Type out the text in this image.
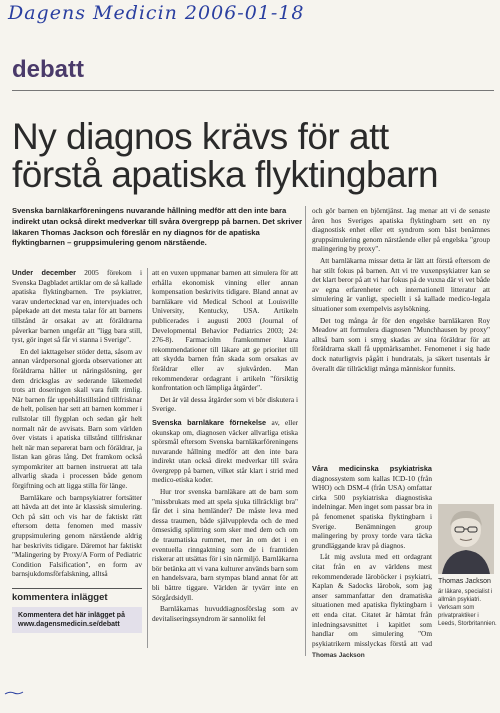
Dagens Medicin 2006-01-18
debatt
Ny diagnos krävs för att förstå apatiska flyktingbarn
Svenska barnläkarföreningens nuvarande hållning medför att den inte bara indirekt utan också direkt medverkar till svåra övergrepp på barnen. Det skriver läkaren Thomas Jackson och föreslår en ny diagnos för de apatiska flyktingbarnen – gruppsimulering genom närstående.

Under december 2005 förekom i Svenska Dagbladet artiklar om de så kallade apatiska flyktingbarnen. Tre psykiatrer, varav undertecknad var en, intervjuades och påpekade att det mesta talar för att barnens tillstånd är orsakat av att föräldrarna påverkar barnen ungefär att "ligg bara still, tyst, gör inget så får vi stanna i Sverige".

En del iakttagelser stöder detta, såsom av annan vårdpersonal gjorda observationer att föräldrarna håller ut näringslösning, ger dem dricksglas av sederande läkemedel trots att doseringen skall vara fullt rimlig. När barnen får uppehållstillstånd tillfrisknar de helt, polisen har sett att barnen kommer i rullstolar till flygplan och sedan går helt normalt när de avvisats. Barn som världen över vistats i apatiska tillstånd tillfrisknar helt när man separerat barn och föräldrar, ja listan kan göras lång. Det framkom också sympomkriter att barnen instruerat att tala allvarlig skada i processen både genom förgiftning och att ligga stilla för länge.

Barnläkare och barnpsykiatrer fortsätter att hävda att det inte är klassisk simulering. Och på sätt och vis har de faktiskt rätt eftersom detta fenomen med massiv gruppsimulering genom närstående aldrig har beskrivits tidigare. Däremot har faktiskt "Malingering by Proxy/A Form of Pediatric Condition Falsification", en form av barnsjukdomsförfalskning, alltså

att en vuxen uppmanar barnen att simulera för att erhålla ekonomisk vinning eller annan kompensation beskrivits tidigare. Bland annat av barnläkare vid Medical School at Louisville University, Kentucky, USA. Artikeln publicerades i augusti 2003 (Journal of Developmental Behavior Pediatrics 2003; 24: 276-8). Farmaciolm framkommer klara rekommendationer till läkare att ge prioritet till att skydda barnen från skada som orsakas av föräldrar eller av sjukvården. Man rekommenderar ordagrant i artikeln "försiktig konfrontation och lämpliga åtgärder".

Det är väl dessa åtgärder som vi bör diskutera i Sverige.

Svenska barnläkare förnekelse av, eller okunskap om, diagnosen väcker allvarliga etiska spörsmål eftersom Svenska barnläkarföreningens nuvarande hållning medför att den inte bara indirekt utan också direkt medverkar till svåra övergrepp på barnen, vilket står klart i strid med medico-etiska koder.

Hur tror svenska barnläkare att de barn som "missbrukats med att spela sjuka tillräckligt bra" får det i sina hemländer? De måste leva med dessa traumen, både självupplevda och de med ömsesidig splittring som sker med dem och om de traumatiska rummet, mer än om det i en eventuella rinngaktning som de i framtiden riskerar att utsättas för i sin närmiljö. Barnläkarna bör betänka att vi vana kulturer används barn som en handelsvara, barn stympas bland annat för att bli bättre tiggare. Världen är tyvärr inte en Sörgårdsidyll.

Barnläkarnas huvuddiagnosförslag som av devitaliseringssyndrom är sannolikt fel

och gör barnen en björntjänst. Jag menar att vi de senaste åren hos Sveriges apatiska flyktingbarn sett en ny diagnostisk enhet eller ett syndrom som bäst benämnes gruppsimulering genom närstående eller på engelska "group malingering by proxy".

Att barnläkarna missar detta är lätt att förstå eftersom de har stilt fokus på barnen. Att vi tre vuxenpsykiatrer kan se det klart beror på att vi har fokus på de vuxna där vi vet både av egna erfarenheter och internationell litteratur att simulering är vanligt, speciellt i så kallade medico-legala situationer som exempelvis asylsökning.

Det tog många år för den engelske barnläkaren Roy Meadow att formulera diagnosen "Munchhausen by proxy" alltså barn som i smyg skadas av sina föräldrar för att föräldrarna skall få uppmärksamhet. Fenomenet i sig hade dock naturligtvis pågått i hundratals, ja säkert tusentals år överallt där tillräckligt många människor funnits.

Våra medicinska psykiatriska diagnossystem som kallas ICD-10 (från WHO) och DSM-4 (från USA) omfattar cirka 500 psykiatriska diagnostiska indelningar. Men inget som passar bra in på fenomenet spatiska flyktingbarn i Sverige. Benämningen group malingering by proxy torde vara täcka grundläggande krav på diagnos.

Låt mig avsluta med ett ordagrant citat från en av världens mest rekommenderade läroböcker i psykiatri, Kaplan & Sadocks lärobok, som jag anser sammanfattar den dramatiska situationen med apatiska flyktingbarn i ett enda citat. Citatet är hämtat från inledningsavsnittet i kapitlet som handlar om simulering "Om psykiatrikern misslyckas förstå att vad

Thomas Jackson
kommentera inlägget
Kommentera det här inlägget på www.dagensmedicin.se/debatt
Thomas Jackson
är läkare, specialist i allmän psykiatri. Verksam som privatpraktiker i Leeds, Storbritannien.
